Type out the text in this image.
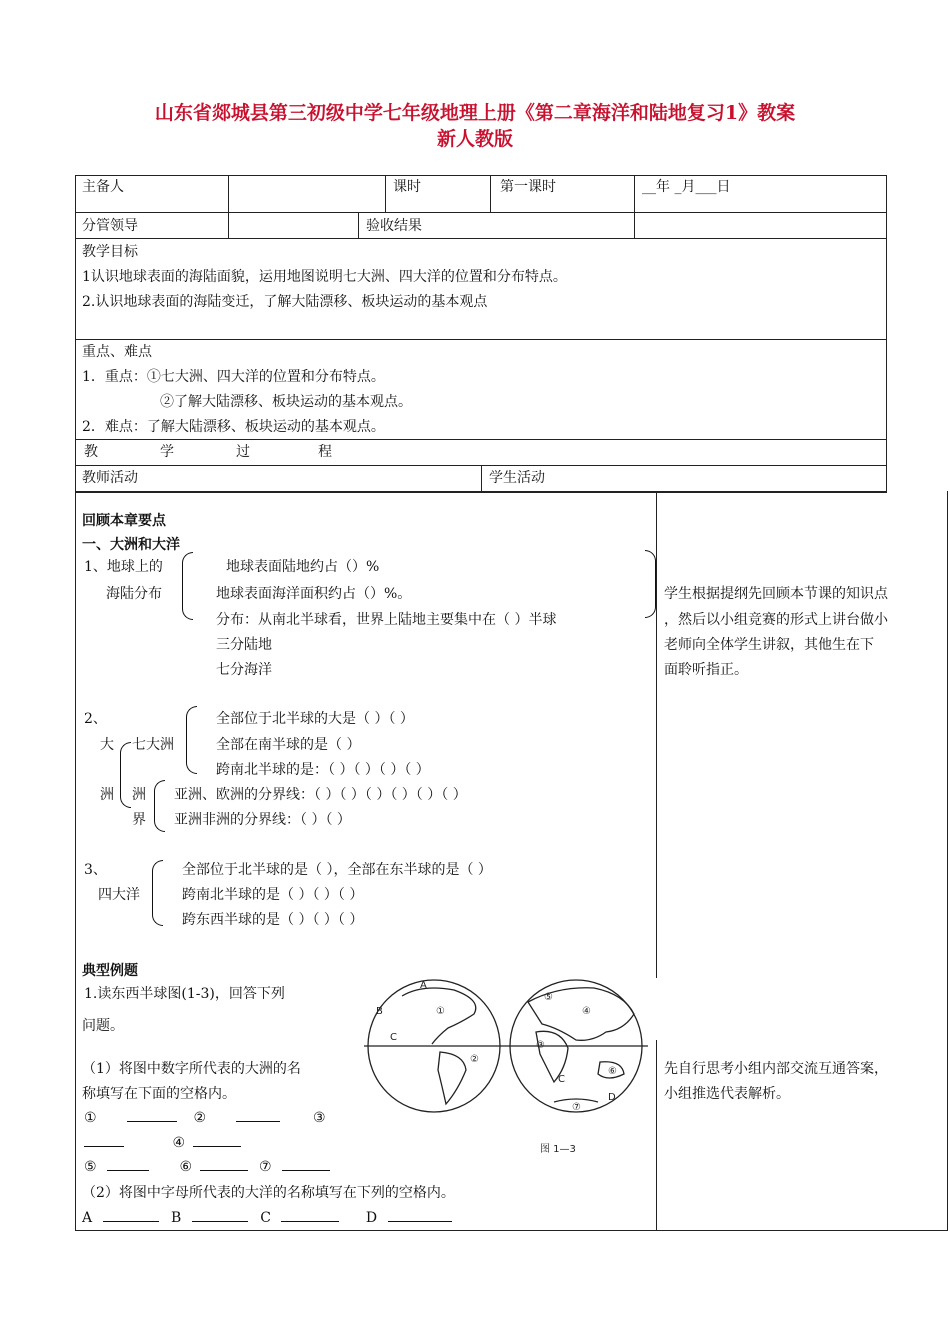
山东省郯城县第三初级中学七年级地理上册《第二章海洋和陆地复习1》教案
新人教版
主备人	课时	第一课时	__年 _月___日
分管领导	验收结果
教学目标
1认识地球表面的海陆面貌，运用地图说明七大洲、四大洋的位置和分布特点。
2.认识地球表面的海陆变迁，了解大陆漂移、板块运动的基本观点
重点、难点
1．重点：①七大洲、四大洋的位置和分布特点。
②了解大陆漂移、板块运动的基本观点。
2．难点：了解大陆漂移、板块运动的基本观点。
教	学	过	程
教师活动	学生活动
回顾本章要点
一、大洲和大洋
1、地球上的
海陆分布
地球表面陆地约占（）%
地球表面海洋面积约占（）%。
分布：从南北半球看，世界上陆地主要集中在（ ）半球
三分陆地
七分海洋
学生根据提纲先回顾本节课的知识点
，然后以小组竞赛的形式上讲台做小
老师向全体学生讲叙，其他生在下
面聆听指正。
2、
大 七大洲
洲 洲
界
全部位于北半球的大是（ ）（ ）
全部在南半球的是（ ）
跨南北半球的是：（ ）（ ）（ ）（ ）
亚洲、欧洲的分界线：（ ）（ ）（ ）（ ）（ ）（ ）
亚洲非洲的分界线：（ ）（ ）
3、
四大洋
全部位于北半球的是（ ），全部在东半球的是（ ）
跨南北半球的是（ ）（ ）（ ）
跨东西半球的是（ ）（ ）（ ）
典型例题
1.读东西半球图(1-3)，回答下列
问题。
（1）将图中数字所代表的大洲的名
称填写在下面的空格内。
①	②	③
④
⑤	⑥	⑦
（2）将图中字母所代表的大洋的名称填写在下列的空格内。
A	B	C	D
A
B
C
D
C
①
②
③
④
⑤
⑥
⑦
图 1—3
先自行思考小组内部交流互通答案，
小组推选代表解析。
